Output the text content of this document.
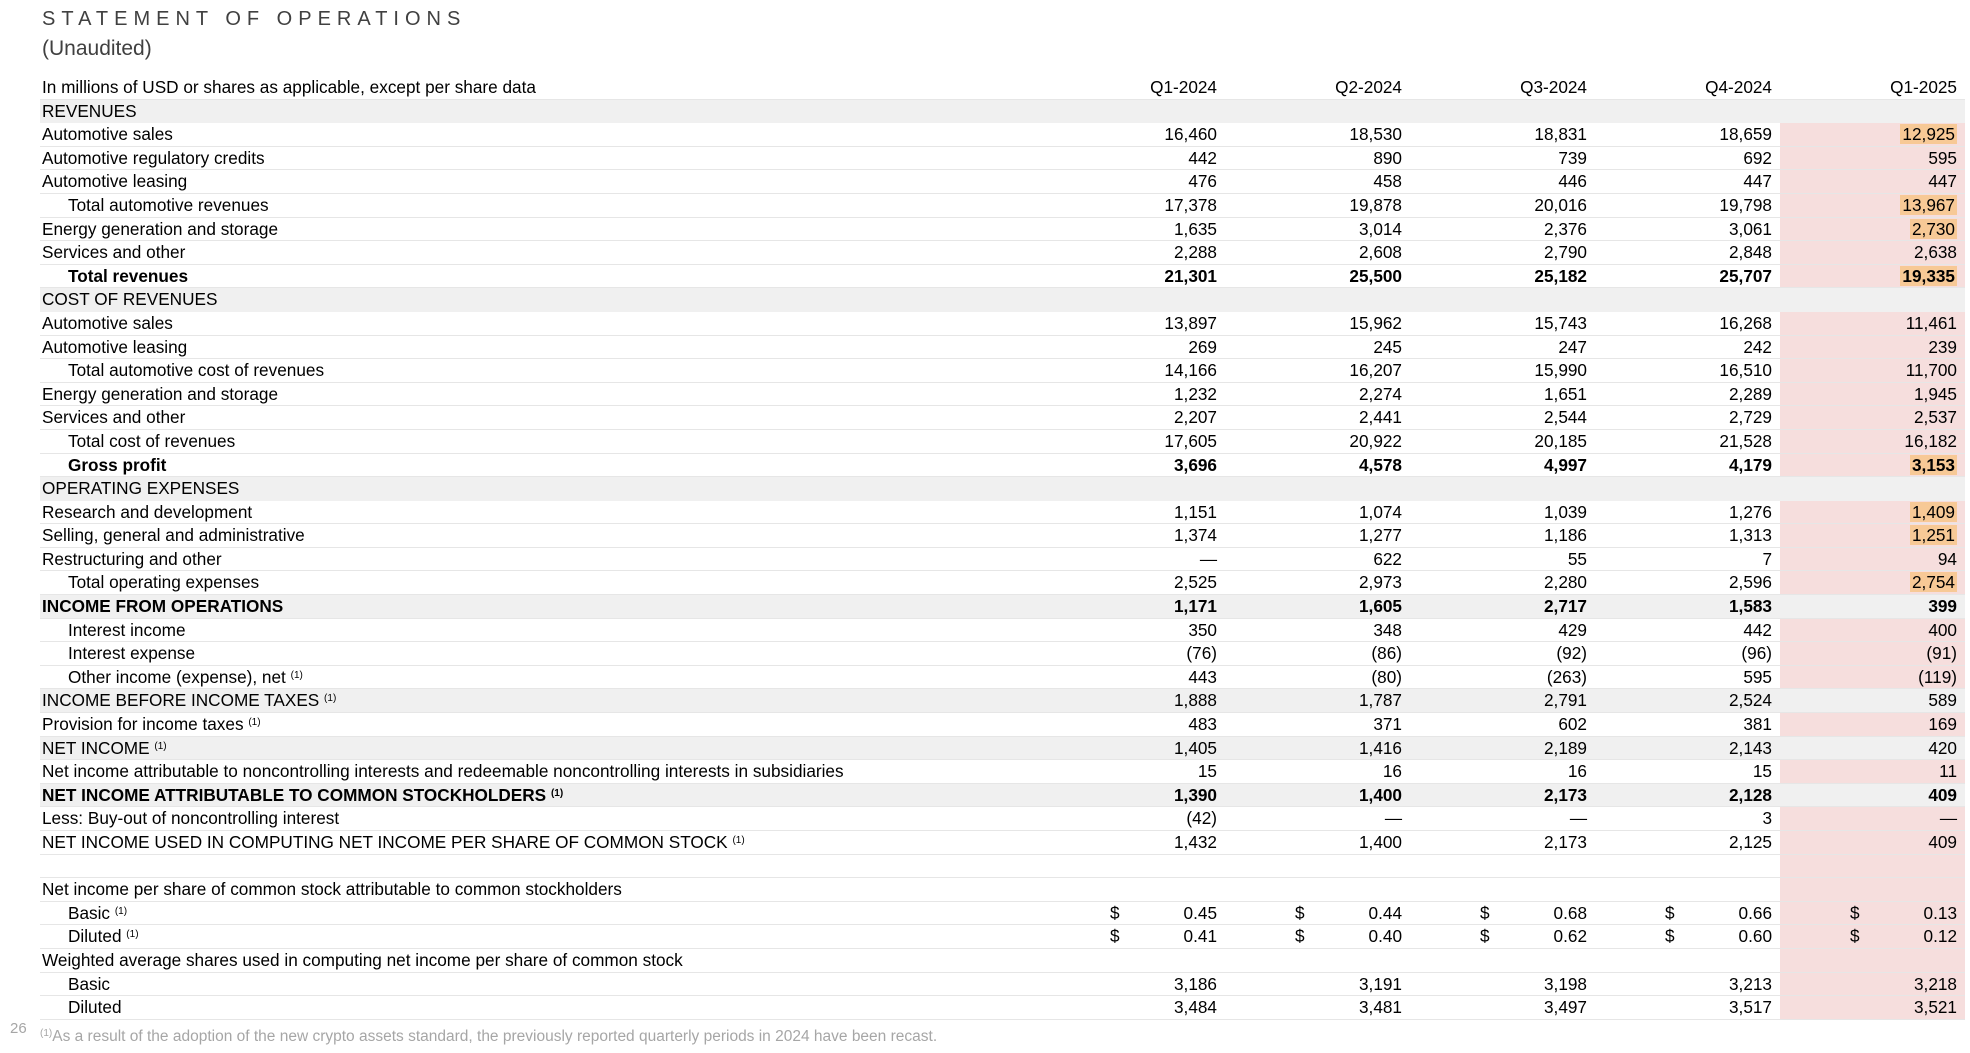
STATEMENT OF OPERATIONS
(Unaudited)
In millions of USD or shares as applicable, except per share data	Q1-2024	Q2-2024	Q3-2024	Q4-2024	Q1-2025
REVENUES
Automotive sales	16,460	18,530	18,831	18,659	12,925
Automotive regulatory credits	442	890	739	692	595
Automotive leasing	476	458	446	447	447
Total automotive revenues	17,378	19,878	20,016	19,798	13,967
Energy generation and storage	1,635	3,014	2,376	3,061	2,730
Services and other	2,288	2,608	2,790	2,848	2,638
Total revenues	21,301	25,500	25,182	25,707	19,335
COST OF REVENUES
Automotive sales	13,897	15,962	15,743	16,268	11,461
Automotive leasing	269	245	247	242	239
Total automotive cost of revenues	14,166	16,207	15,990	16,510	11,700
Energy generation and storage	1,232	2,274	1,651	2,289	1,945
Services and other	2,207	2,441	2,544	2,729	2,537
Total cost of revenues	17,605	20,922	20,185	21,528	16,182
Gross profit	3,696	4,578	4,997	4,179	3,153
OPERATING EXPENSES
Research and development	1,151	1,074	1,039	1,276	1,409
Selling, general and administrative	1,374	1,277	1,186	1,313	1,251
Restructuring and other	—	622	55	7	94
Total operating expenses	2,525	2,973	2,280	2,596	2,754
INCOME FROM OPERATIONS	1,171	1,605	2,717	1,583	399
Interest income	350	348	429	442	400
Interest expense	(76)	(86)	(92)	(96)	(91)
Other income (expense), net $^{(1)}$	443	(80)	(263)	595	(119)
INCOME BEFORE INCOME TAXES $^{(1)}$	1,888	1,787	2,791	2,524	589
Provision for income taxes $^{(1)}$	483	371	602	381	169
NET INCOME $^{(1)}$	1,405	1,416	2,189	2,143	420
Net income attributable to noncontrolling interests and redeemable noncontrolling interests in subsidiaries	15	16	16	15	11
NET INCOME ATTRIBUTABLE TO COMMON STOCKHOLDERS $^{(1)}$	1,390	1,400	2,173	2,128	409
Less: Buy-out of noncontrolling interest	(42)	—	—	3	—
NET INCOME USED IN COMPUTING NET INCOME PER SHARE OF COMMON STOCK $^{(1)}$	1,432	1,400	2,173	2,125	409
Net income per share of common stock attributable to common stockholders
Basic $^{(1)}$	$	0.45	$	0.44	$	0.68	$	0.66	$	0.13
Diluted $^{(1)}$	$	0.41	$	0.40	$	0.62	$	0.60	$	0.12
Weighted average shares used in computing net income per share of common stock
Basic	3,186	3,191	3,198	3,213	3,218
Diluted	3,484	3,481	3,497	3,517	3,521
26 $^{(1)}$As a result of the adoption of the new crypto assets standard, the previously reported quarterly periods in 2024 have been recast.
